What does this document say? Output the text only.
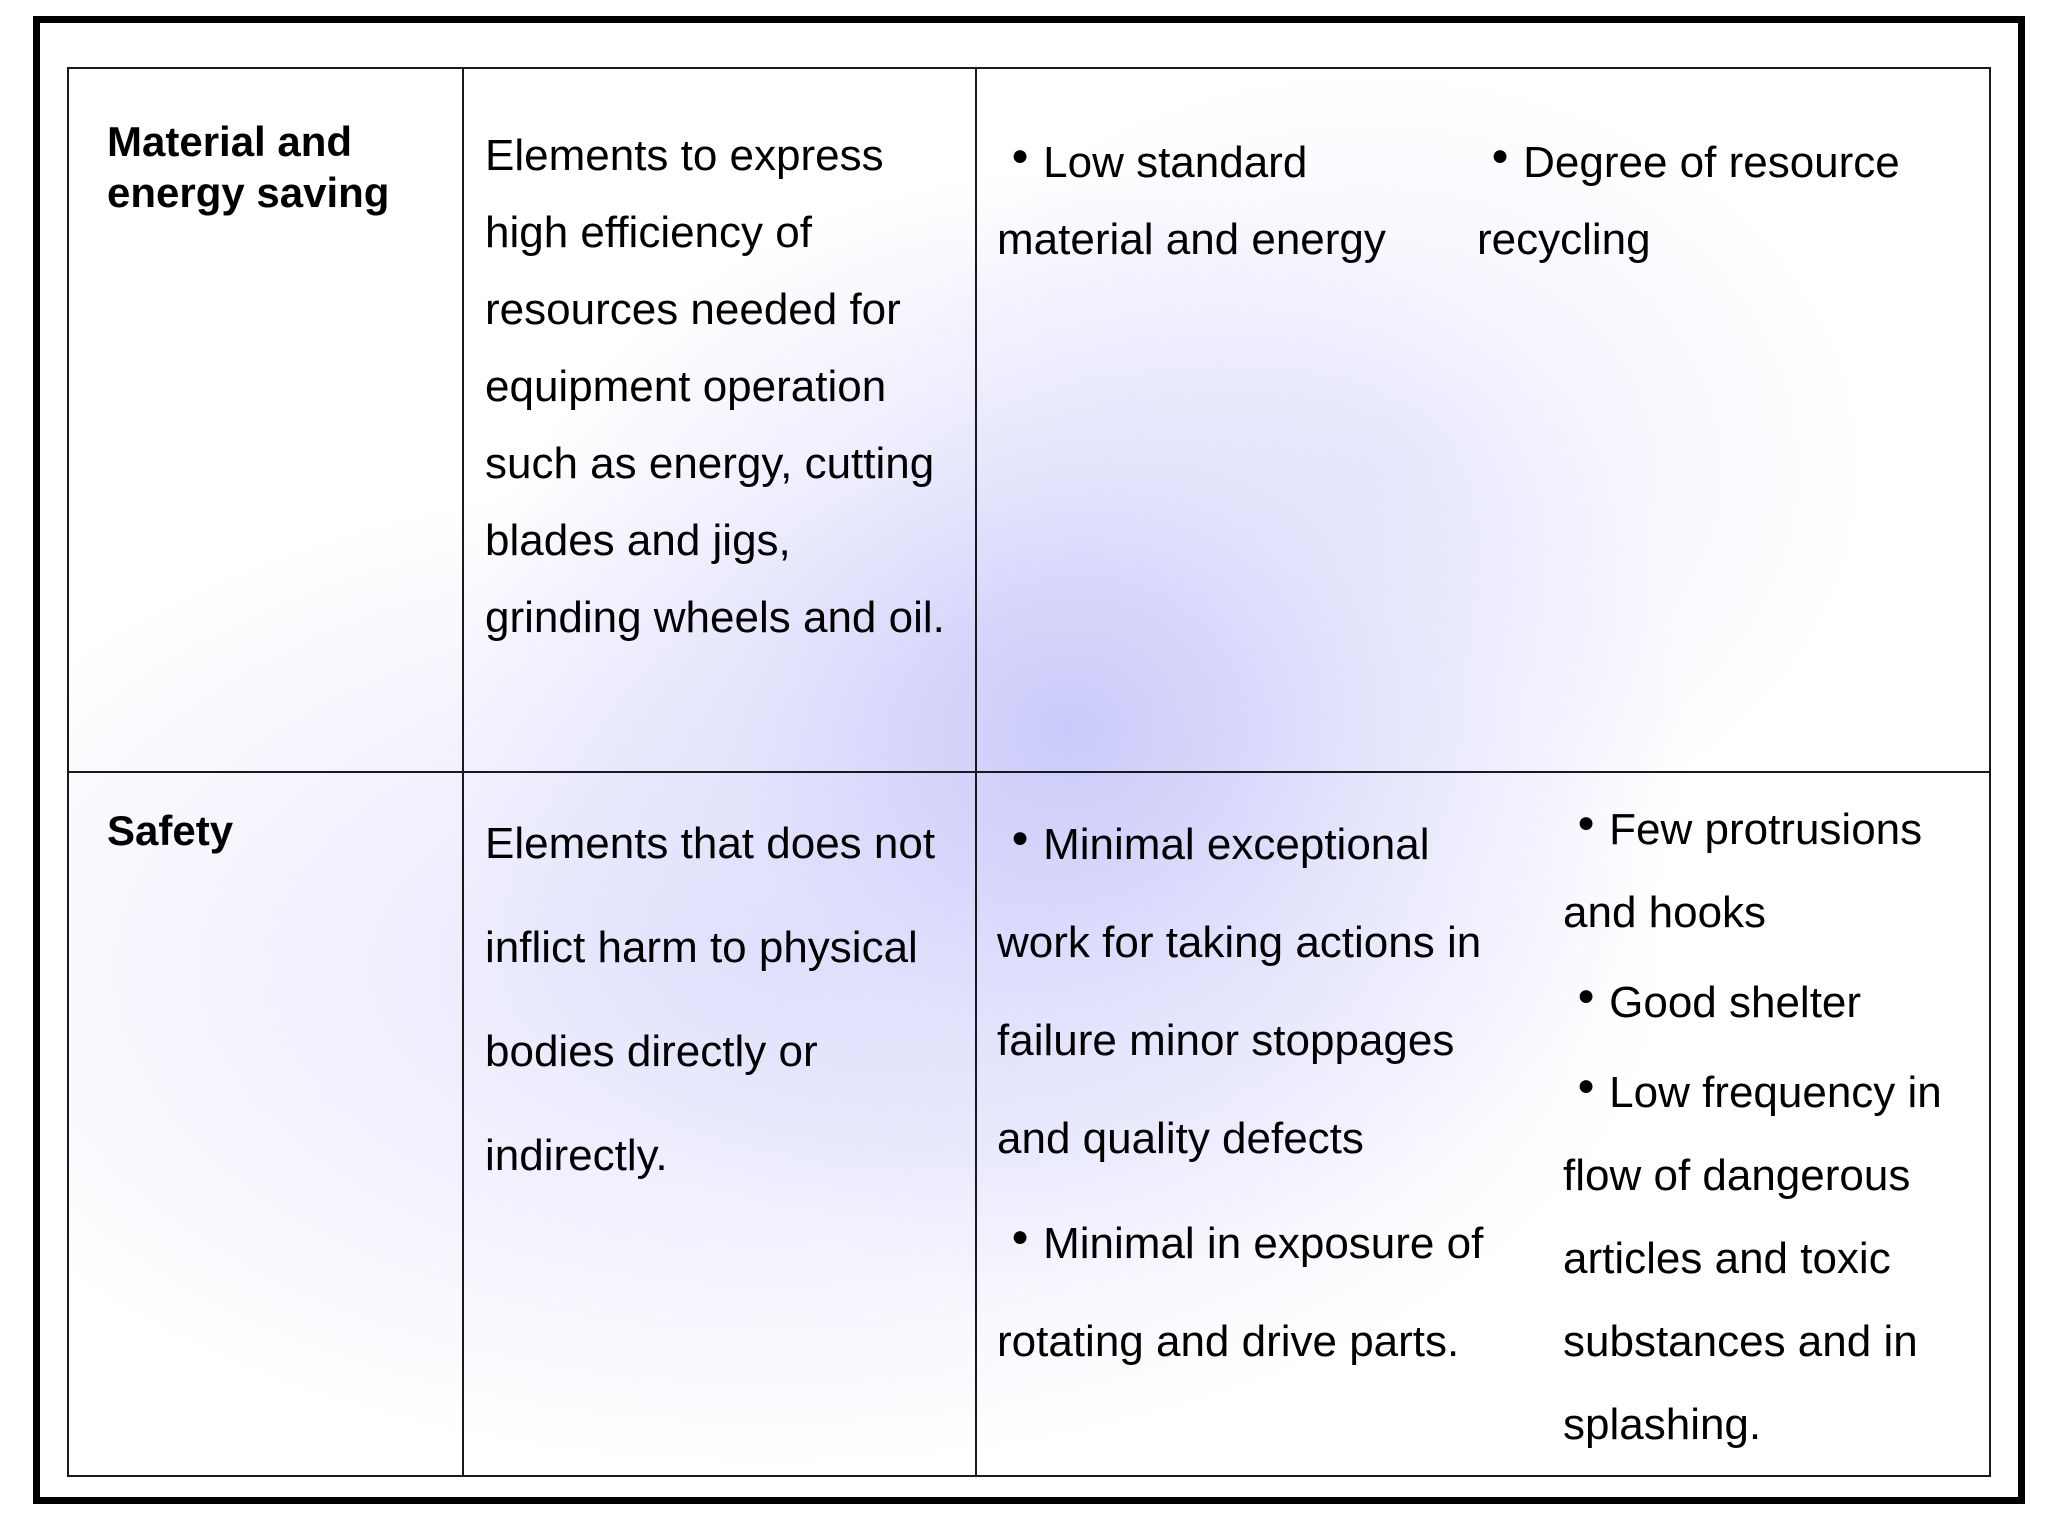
Material and energy saving
Elements to express high efficiency of resources needed for equipment operation such as energy, cutting blades and jigs, grinding wheels and oil.

● Low standard material and energy

● Degree of resource recycling

Safety	Elements that does not inflict harm to physical bodies directly or indirectly.

● Minimal exceptional work for taking actions in failure minor stoppages and quality defects

● Minimal in exposure of rotating and drive parts.

● Few protrusions and hooks

● Good shelter

● Low frequency in flow of dangerous articles and toxic substances and in splashing.
